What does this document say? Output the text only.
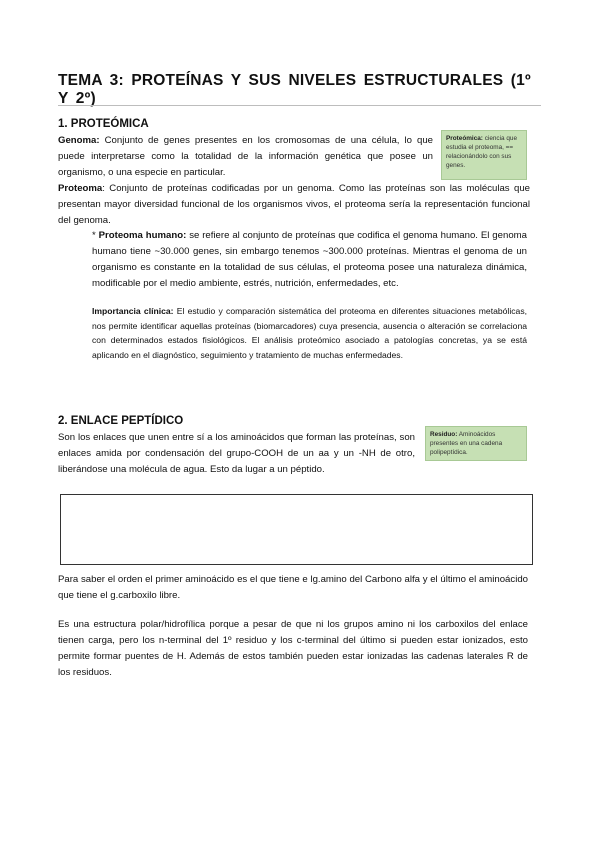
TEMA 3: PROTEÍNAS Y SUS NIVELES ESTRUCTURALES (1º Y 2º)
1. PROTEÓMICA
Genoma: Conjunto de genes presentes en los cromosomas de una célula, lo que puede interpretarse como la totalidad de la información genética que posee un organismo, o una especie en particular.
Proteómica: ciencia que estudia el proteoma, == relacionándolo con sus genes.
Proteoma: Conjunto de proteínas codificadas por un genoma. Como las proteínas son las moléculas que presentan mayor diversidad funcional de los organismos vivos, el proteoma sería la representación funcional del genoma.
* Proteoma humano: se refiere al conjunto de proteínas que codifica el genoma humano. El genoma humano tiene ~30.000 genes, sin embargo tenemos ~300.000 proteínas. Mientras el genoma de un organismo es constante en la totalidad de sus células, el proteoma posee una naturaleza dinámica, modificable por el medio ambiente, estrés, nutrición, enfermedades, etc.
Importancia clínica: El estudio y comparación sistemática del proteoma en diferentes situaciones metabólicas, nos permite identificar aquellas proteínas (biomarcadores) cuya presencia, ausencia o alteración se correlaciona con determinados estados fisiológicos. El análisis proteómico asociado a patologías concretas, ya se está aplicando en el diagnóstico, seguimiento y tratamiento de muchas enfermedades.
2. ENLACE PEPTÍDICO
Son los enlaces que unen entre sí a los aminoácidos que forman las proteínas, son enlaces amida por condensación del grupo-COOH de un aa y un -NH de otro, liberándose una molécula de agua. Esto da lugar a un péptido.
Residuo: Aminoácidos presentes en una cadena polipeptídica.
Para saber el orden el primer aminoácido es el que tiene e lg.amino del Carbono alfa y el último el aminoácido que tiene el g.carboxilo libre.
Es una estructura polar/hidrofílica porque a pesar de que ni los grupos amino ni los carboxilos del enlace tienen carga, pero los n-terminal del 1º residuo y los c-terminal del último si pueden estar ionizados, esto permite formar puentes de H. Además de estos también pueden estar ionizadas las cadenas laterales R de los residuos.
